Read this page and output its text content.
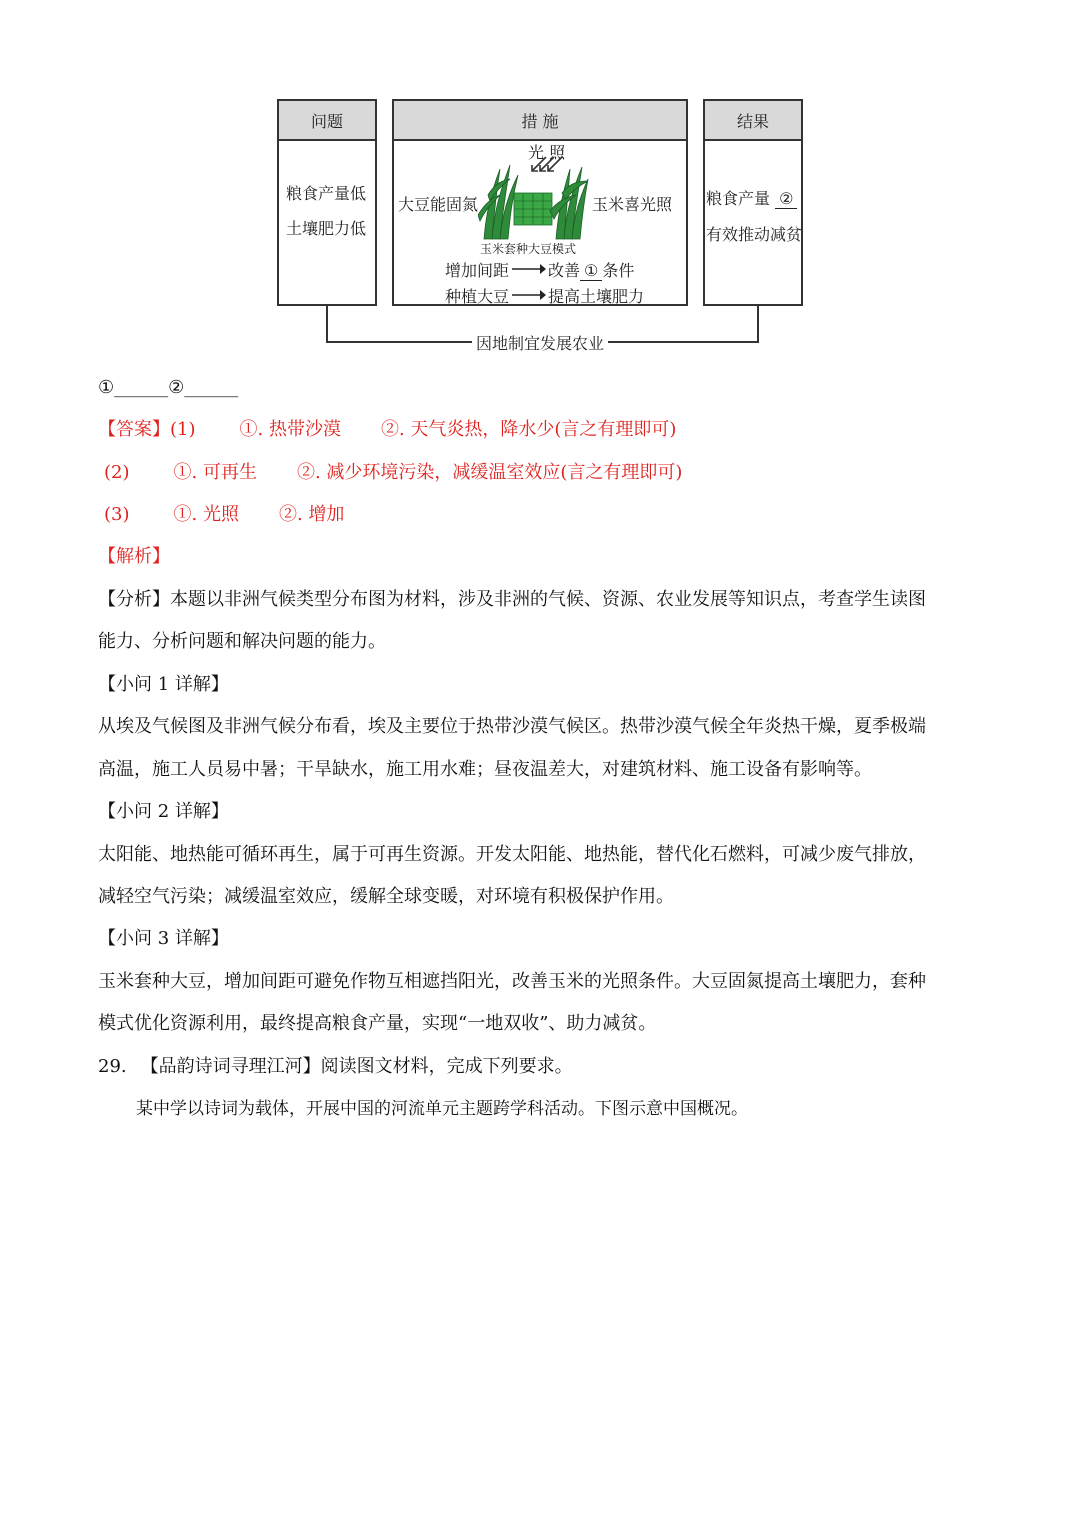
因地制宜发展农业
问题
粮食产量低
土壤肥力低
措 施
光 照
大豆能固氮	玉米喜光照
玉米套种大豆模式
增加间距 改善 ① 条件
种植大豆 提高土壤肥力
结果
粮食产量 ②
有效推动减贫
①______②______
【答案】(1) ①. 热带沙漠 ②. 天气炎热，降水少(言之有理即可)
(2) ①. 可再生 ②. 减少环境污染，减缓温室效应(言之有理即可)
(3) ①. 光照 ②. 增加
【解析】
【分析】本题以非洲气候类型分布图为材料，涉及非洲的气候、资源、农业发展等知识点，考查学生读图
能力、分析问题和解决问题的能力。
【小问 1 详解】
从埃及气候图及非洲气候分布看，埃及主要位于热带沙漠气候区。热带沙漠气候全年炎热干燥，夏季极端
高温，施工人员易中暑；干旱缺水，施工用水难；昼夜温差大，对建筑材料、施工设备有影响等。
【小问 2 详解】
太阳能、地热能可循环再生，属于可再生资源。开发太阳能、地热能，替代化石燃料，可减少废气排放，
减轻空气污染；减缓温室效应，缓解全球变暖，对环境有积极保护作用。
【小问 3 详解】
玉米套种大豆，增加间距可避免作物互相遮挡阳光，改善玉米的光照条件。大豆固氮提高土壤肥力，套种
模式优化资源利用，最终提高粮食产量，实现“一地双收”、助力减贫。
29. 【品韵诗词寻理江河】阅读图文材料，完成下列要求。
某中学以诗词为载体，开展中国的河流单元主题跨学科活动。下图示意中国概况。
